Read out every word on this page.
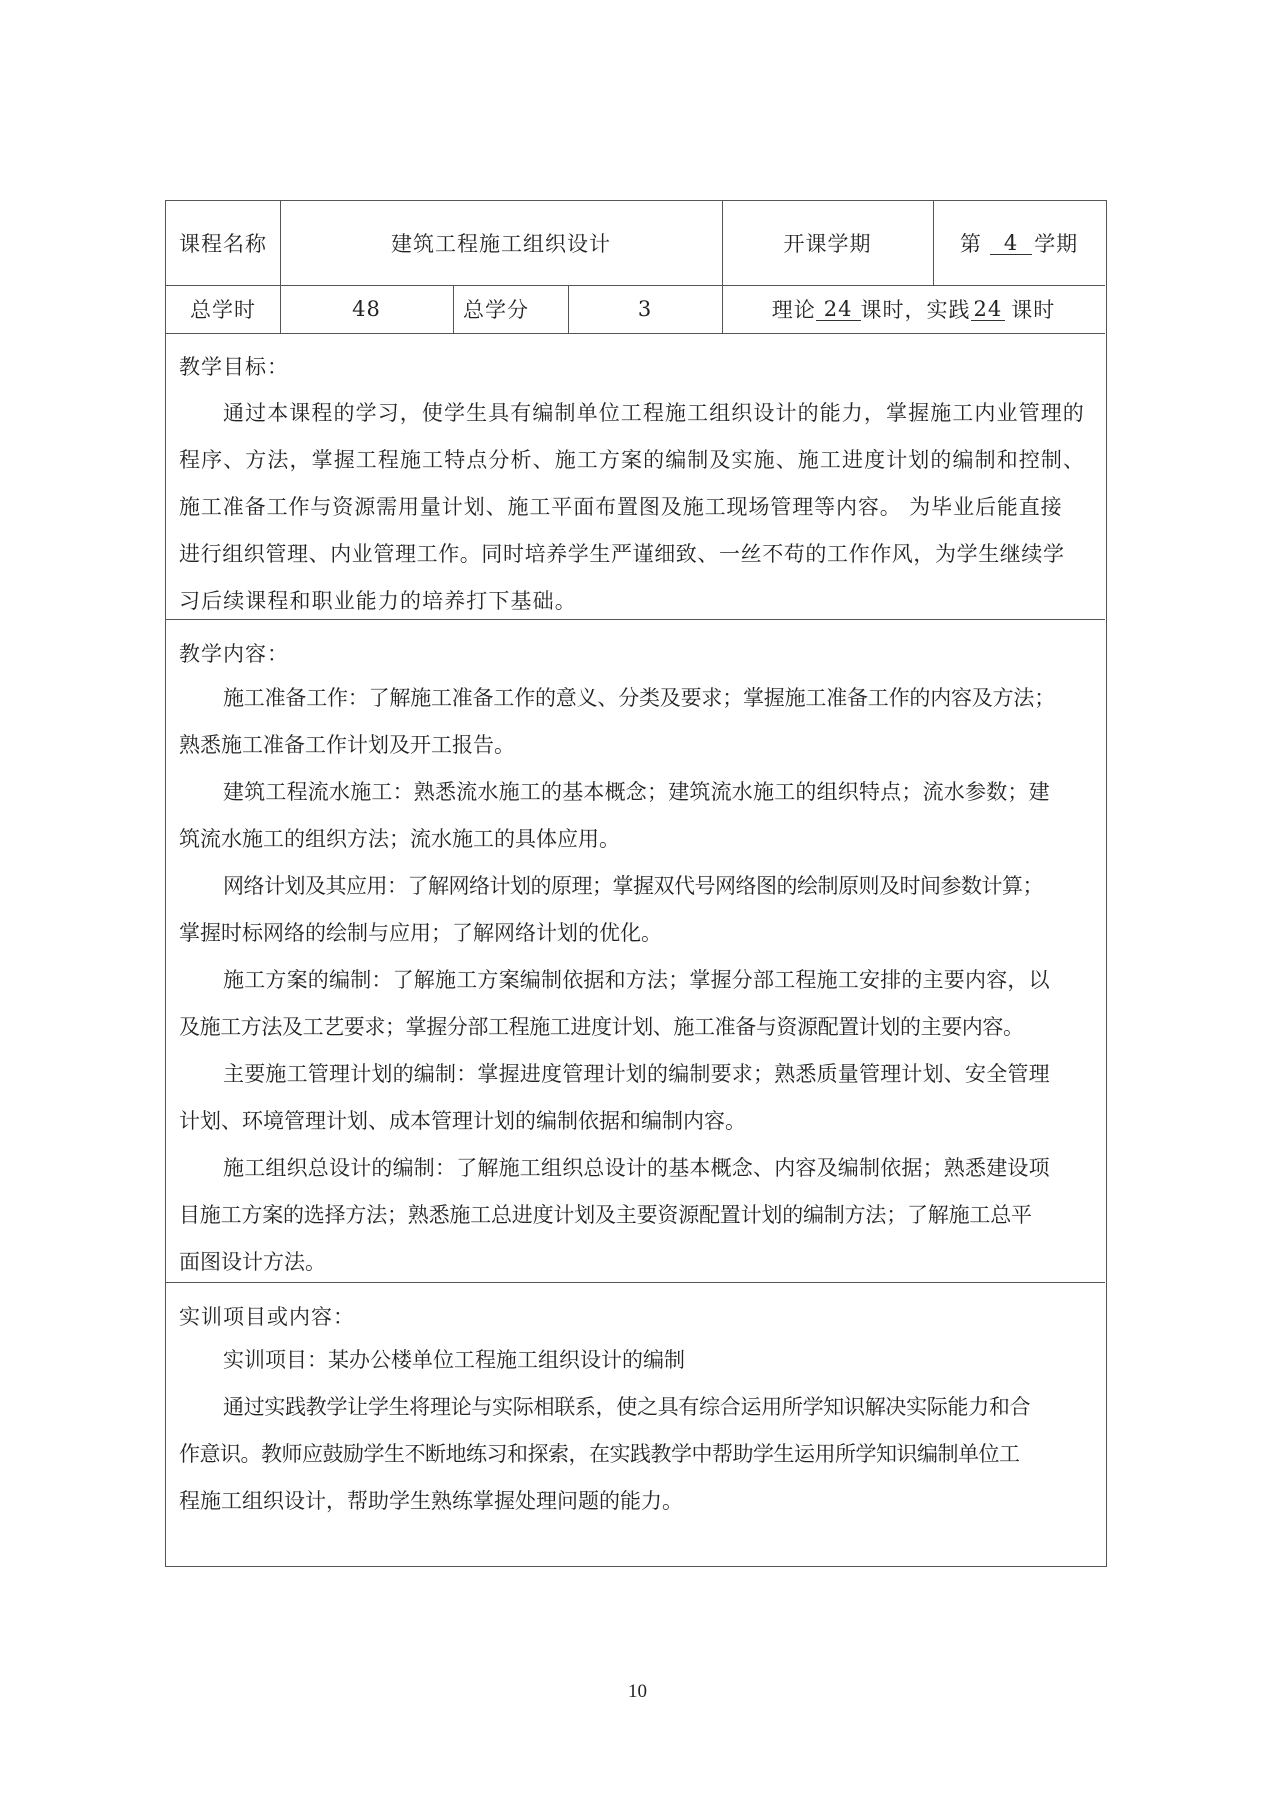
课程名称	建筑工程施工组织设计	开课学期	第	4 学期
总学时	48	总学分	3	理论 24 课时，实践 24 课时
教学目标：
通过本课程的学习，使学生具有编制单位工程施工组织设计的能力，掌握施工内业管理的
程序、方法，掌握工程施工特点分析、施工方案的编制及实施、施工进度计划的编制和控制、
施工准备工作与资源需用量计划、施工平面布置图及施工现场管理等内容。 为毕业后能直接
进行组织管理、内业管理工作。同时培养学生严谨细致、一丝不苟的工作作风，为学生继续学
习后续课程和职业能力的培养打下基础。
教学内容：
施工准备工作：了解施工准备工作的意义、分类及要求；掌握施工准备工作的内容及方法；
熟悉施工准备工作计划及开工报告。
建筑工程流水施工：熟悉流水施工的基本概念；建筑流水施工的组织特点；流水参数；建
筑流水施工的组织方法；流水施工的具体应用。
网络计划及其应用：了解网络计划的原理；掌握双代号网络图的绘制原则及时间参数计算；
掌握时标网络的绘制与应用；了解网络计划的优化。
施工方案的编制：了解施工方案编制依据和方法；掌握分部工程施工安排的主要内容，以
及施工方法及工艺要求；掌握分部工程施工进度计划、施工准备与资源配置计划的主要内容。
主要施工管理计划的编制：掌握进度管理计划的编制要求；熟悉质量管理计划、安全管理
计划、环境管理计划、成本管理计划的编制依据和编制内容。
施工组织总设计的编制：了解施工组织总设计的基本概念、内容及编制依据；熟悉建设项
目施工方案的选择方法；熟悉施工总进度计划及主要资源配置计划的编制方法；了解施工总平
面图设计方法。
实训项目或内容：
实训项目：某办公楼单位工程施工组织设计的编制
通过实践教学让学生将理论与实际相联系，使之具有综合运用所学知识解决实际能力和合
作意识。教师应鼓励学生不断地练习和探索，在实践教学中帮助学生运用所学知识编制单位工
程施工组织设计，帮助学生熟练掌握处理问题的能力。
10
